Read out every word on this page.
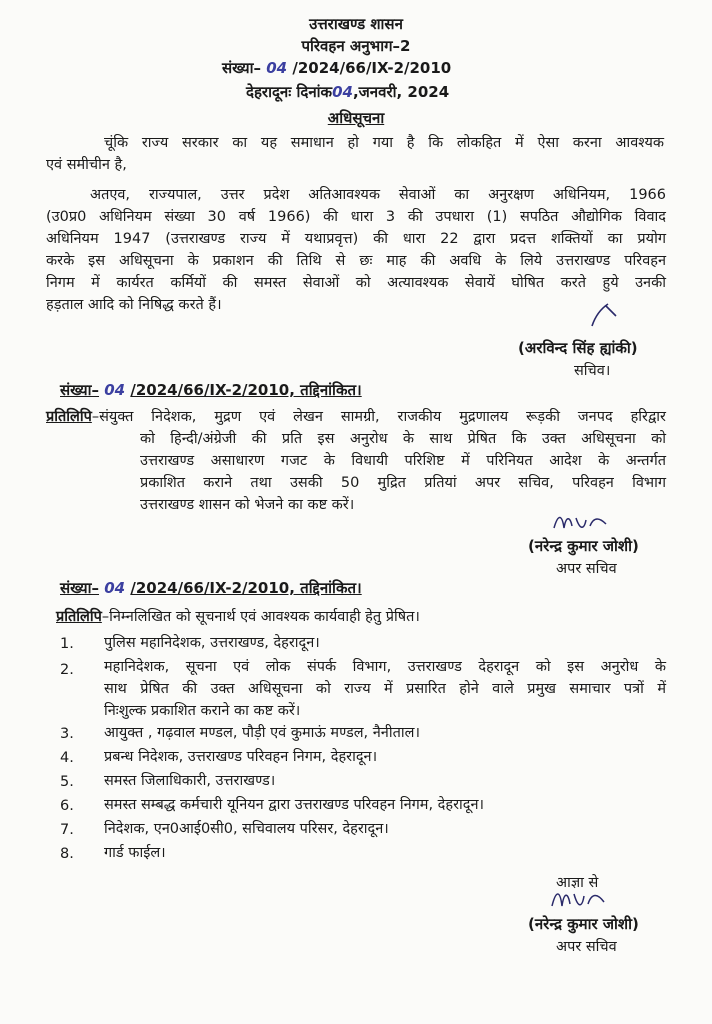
उत्तराखण्ड शासन
परिवहन अनुभाग–2
संख्या– 04 /2024/66/IX-2/2010
देहरादूनः दिनांक04,जनवरी, 2024
अधिसूचना
चूंकि राज्य सरकार का यह समाधान हो गया है कि लोकहित में ऐसा करना आवश्यक
एवं समीचीन है,
अतएव, राज्यपाल, उत्तर प्रदेश अतिआवश्यक सेवाओं का अनुरक्षण अधिनियम, 1966
(उ0प्र0 अधिनियम संख्या 30 वर्ष 1966) की धारा 3 की उपधारा (1) सपठित औद्योगिक विवाद
अधिनियम 1947 (उत्तराखण्ड राज्य में यथाप्रवृत्त) की धारा 22 द्वारा प्रदत्त शक्तियों का प्रयोग
करके इस अधिसूचना के प्रकाशन की तिथि से छः माह की अवधि के लिये उत्तराखण्ड परिवहन
निगम में कार्यरत कर्मियों की समस्त सेवाओं को अत्यावश्यक सेवायें घोषित करते हुये उनकी
हड़ताल आदि को निषिद्ध करते हैं।
(अरविन्द सिंह ह्यांकी)
सचिव।
संख्या– 04 /2024/66/IX-2/2010, तद्दिनांकित।
प्रतिलिपि–संयुक्त निदेशक, मुद्रण एवं लेखन सामग्री, राजकीय मुद्रणालय रूड़की जनपद हरिद्वार
को हिन्दी/अंग्रेजी की प्रति इस अनुरोध के साथ प्रेषित कि उक्त अधिसूचना को
उत्तराखण्ड असाधारण गजट के विधायी परिशिष्ट में परिनियत आदेश के अन्तर्गत
प्रकाशित कराने तथा उसकी 50 मुद्रित प्रतियां अपर सचिव, परिवहन विभाग
उत्तराखण्ड शासन को भेजने का कष्ट करें।
(नरेन्द्र कुमार जोशी)
अपर सचिव
संख्या– 04 /2024/66/IX-2/2010, तद्दिनांकित।
प्रतिलिपि–निम्नलिखित को सूचनार्थ एवं आवश्यक कार्यवाही हेतु प्रेषित।
1. पुलिस महानिदेशक, उत्तराखण्ड, देहरादून।
2. महानिदेशक, सूचना एवं लोक संपर्क विभाग, उत्तराखण्ड देहरादून को इस अनुरोध के
साथ प्रेषित की उक्त अधिसूचना को राज्य में प्रसारित होने वाले प्रमुख समाचार पत्रों में
निःशुल्क प्रकाशित कराने का कष्ट करें।
3. आयुक्त , गढ़वाल मण्डल, पौड़ी एवं कुमाऊं मण्डल, नैनीताल।
4. प्रबन्ध निदेशक, उत्तराखण्ड परिवहन निगम, देहरादून।
5. समस्त जिलाधिकारी, उत्तराखण्ड।
6. समस्त सम्बद्ध कर्मचारी यूनियन द्वारा उत्तराखण्ड परिवहन निगम, देहरादून।
7. निदेशक, एन0आई0सी0, सचिवालय परिसर, देहरादून।
8. गार्ड फाईल।
आज्ञा से
(नरेन्द्र कुमार जोशी)
अपर सचिव
